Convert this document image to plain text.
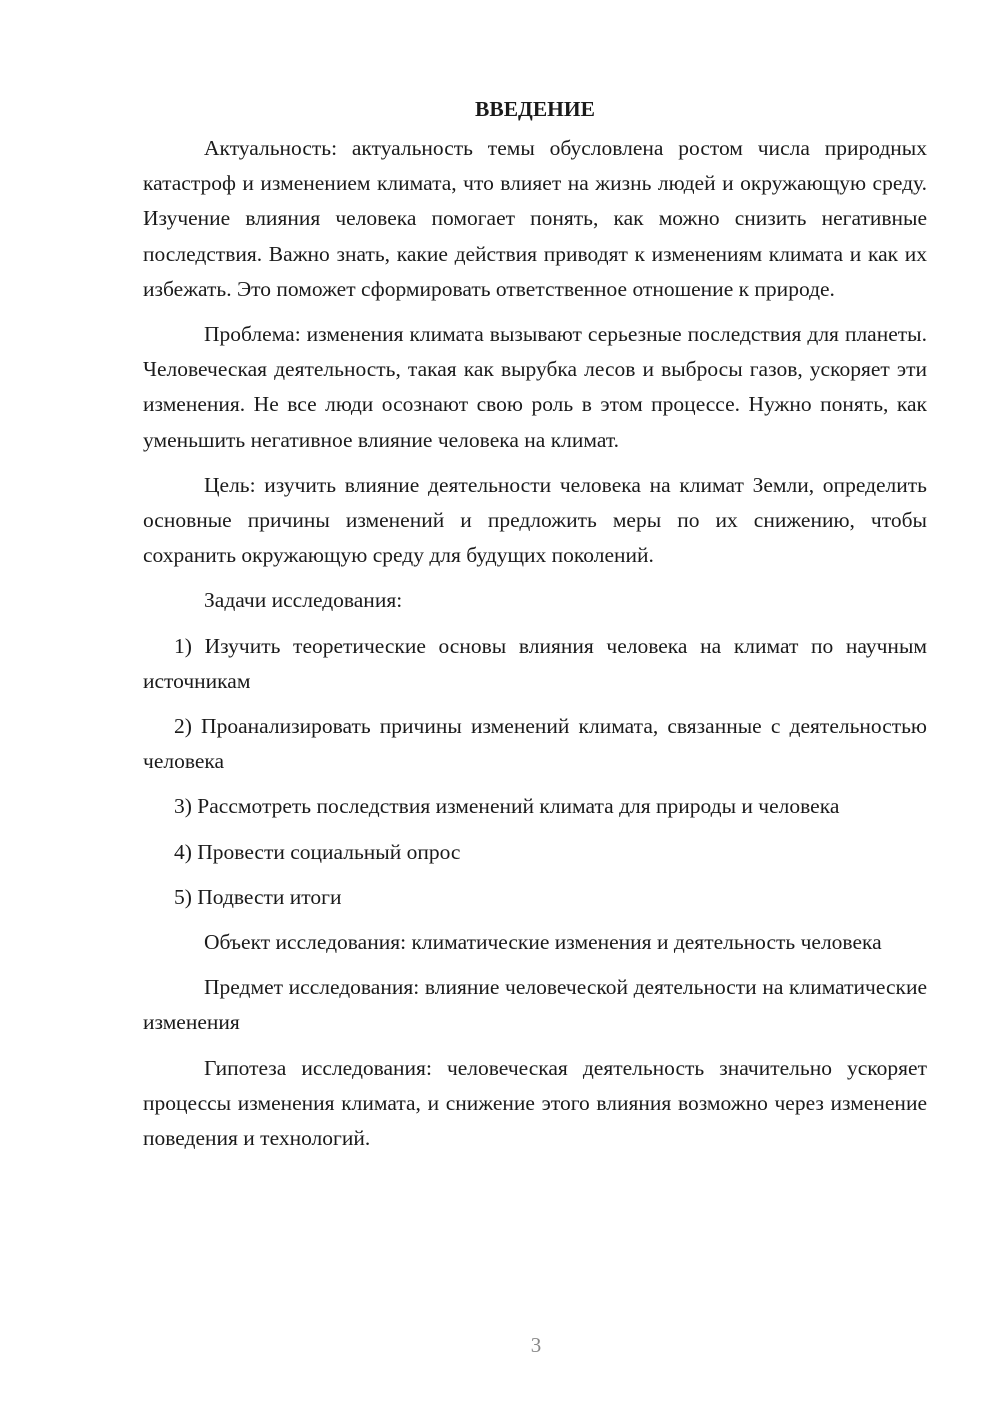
ВВЕДЕНИЕ

Актуальность: актуальность темы обусловлена ростом числа природных катастроф и изменением климата, что влияет на жизнь людей и окружающую среду. Изучение влияния человека помогает понять, как можно снизить негативные последствия. Важно знать, какие действия приводят к изменениям климата и как их избежать. Это поможет сформировать ответственное отношение к природе.

Проблема: изменения климата вызывают серьезные последствия для планеты. Человеческая деятельность, такая как вырубка лесов и выбросы газов, ускоряет эти изменения. Не все люди осознают свою роль в этом процессе. Нужно понять, как уменьшить негативное влияние человека на климат.

Цель: изучить влияние деятельности человека на климат Земли, определить основные причины изменений и предложить меры по их снижению, чтобы сохранить окружающую среду для будущих поколений.

Задачи исследования:

1) Изучить теоретические основы влияния человека на климат по научным источникам

2) Проанализировать причины изменений климата, связанные с деятельностью человека

3) Рассмотреть последствия изменений климата для природы и человека

4) Провести социальный опрос

5) Подвести итоги

Объект исследования: климатические изменения и деятельность человека

Предмет исследования: влияние человеческой деятельности на климатические изменения

Гипотеза исследования: человеческая деятельность значительно ускоряет процессы изменения климата, и снижение этого влияния возможно через изменение поведения и технологий.

3
